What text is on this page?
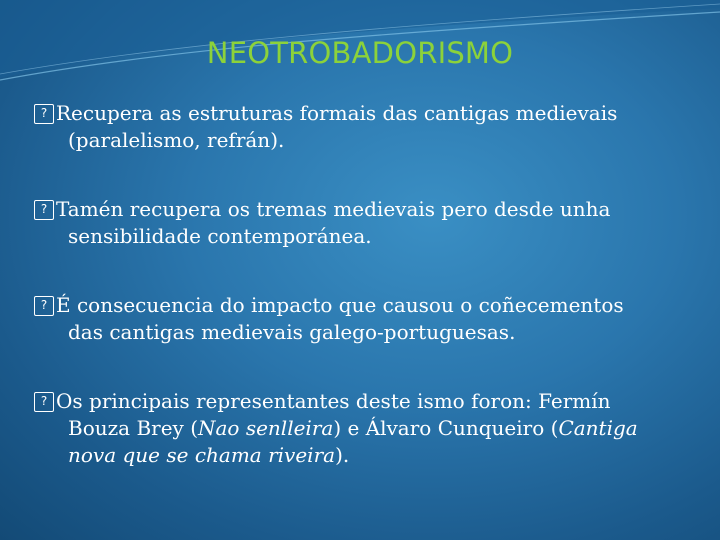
NEOTROBADORISMO
? Recupera as estruturas formais das cantigas medievais
(paralelismo, refrán).
? Tamén recupera os tremas medievais pero desde unha
sensibilidade contemporánea.
? É consecuencia do impacto que causou o coñecementos
das cantigas medievais galego-portuguesas.
? Os principais representantes deste ismo foron: Fermín
Bouza Brey (Nao senlleira) e Álvaro Cunqueiro (Cantiga
nova que se chama riveira).
